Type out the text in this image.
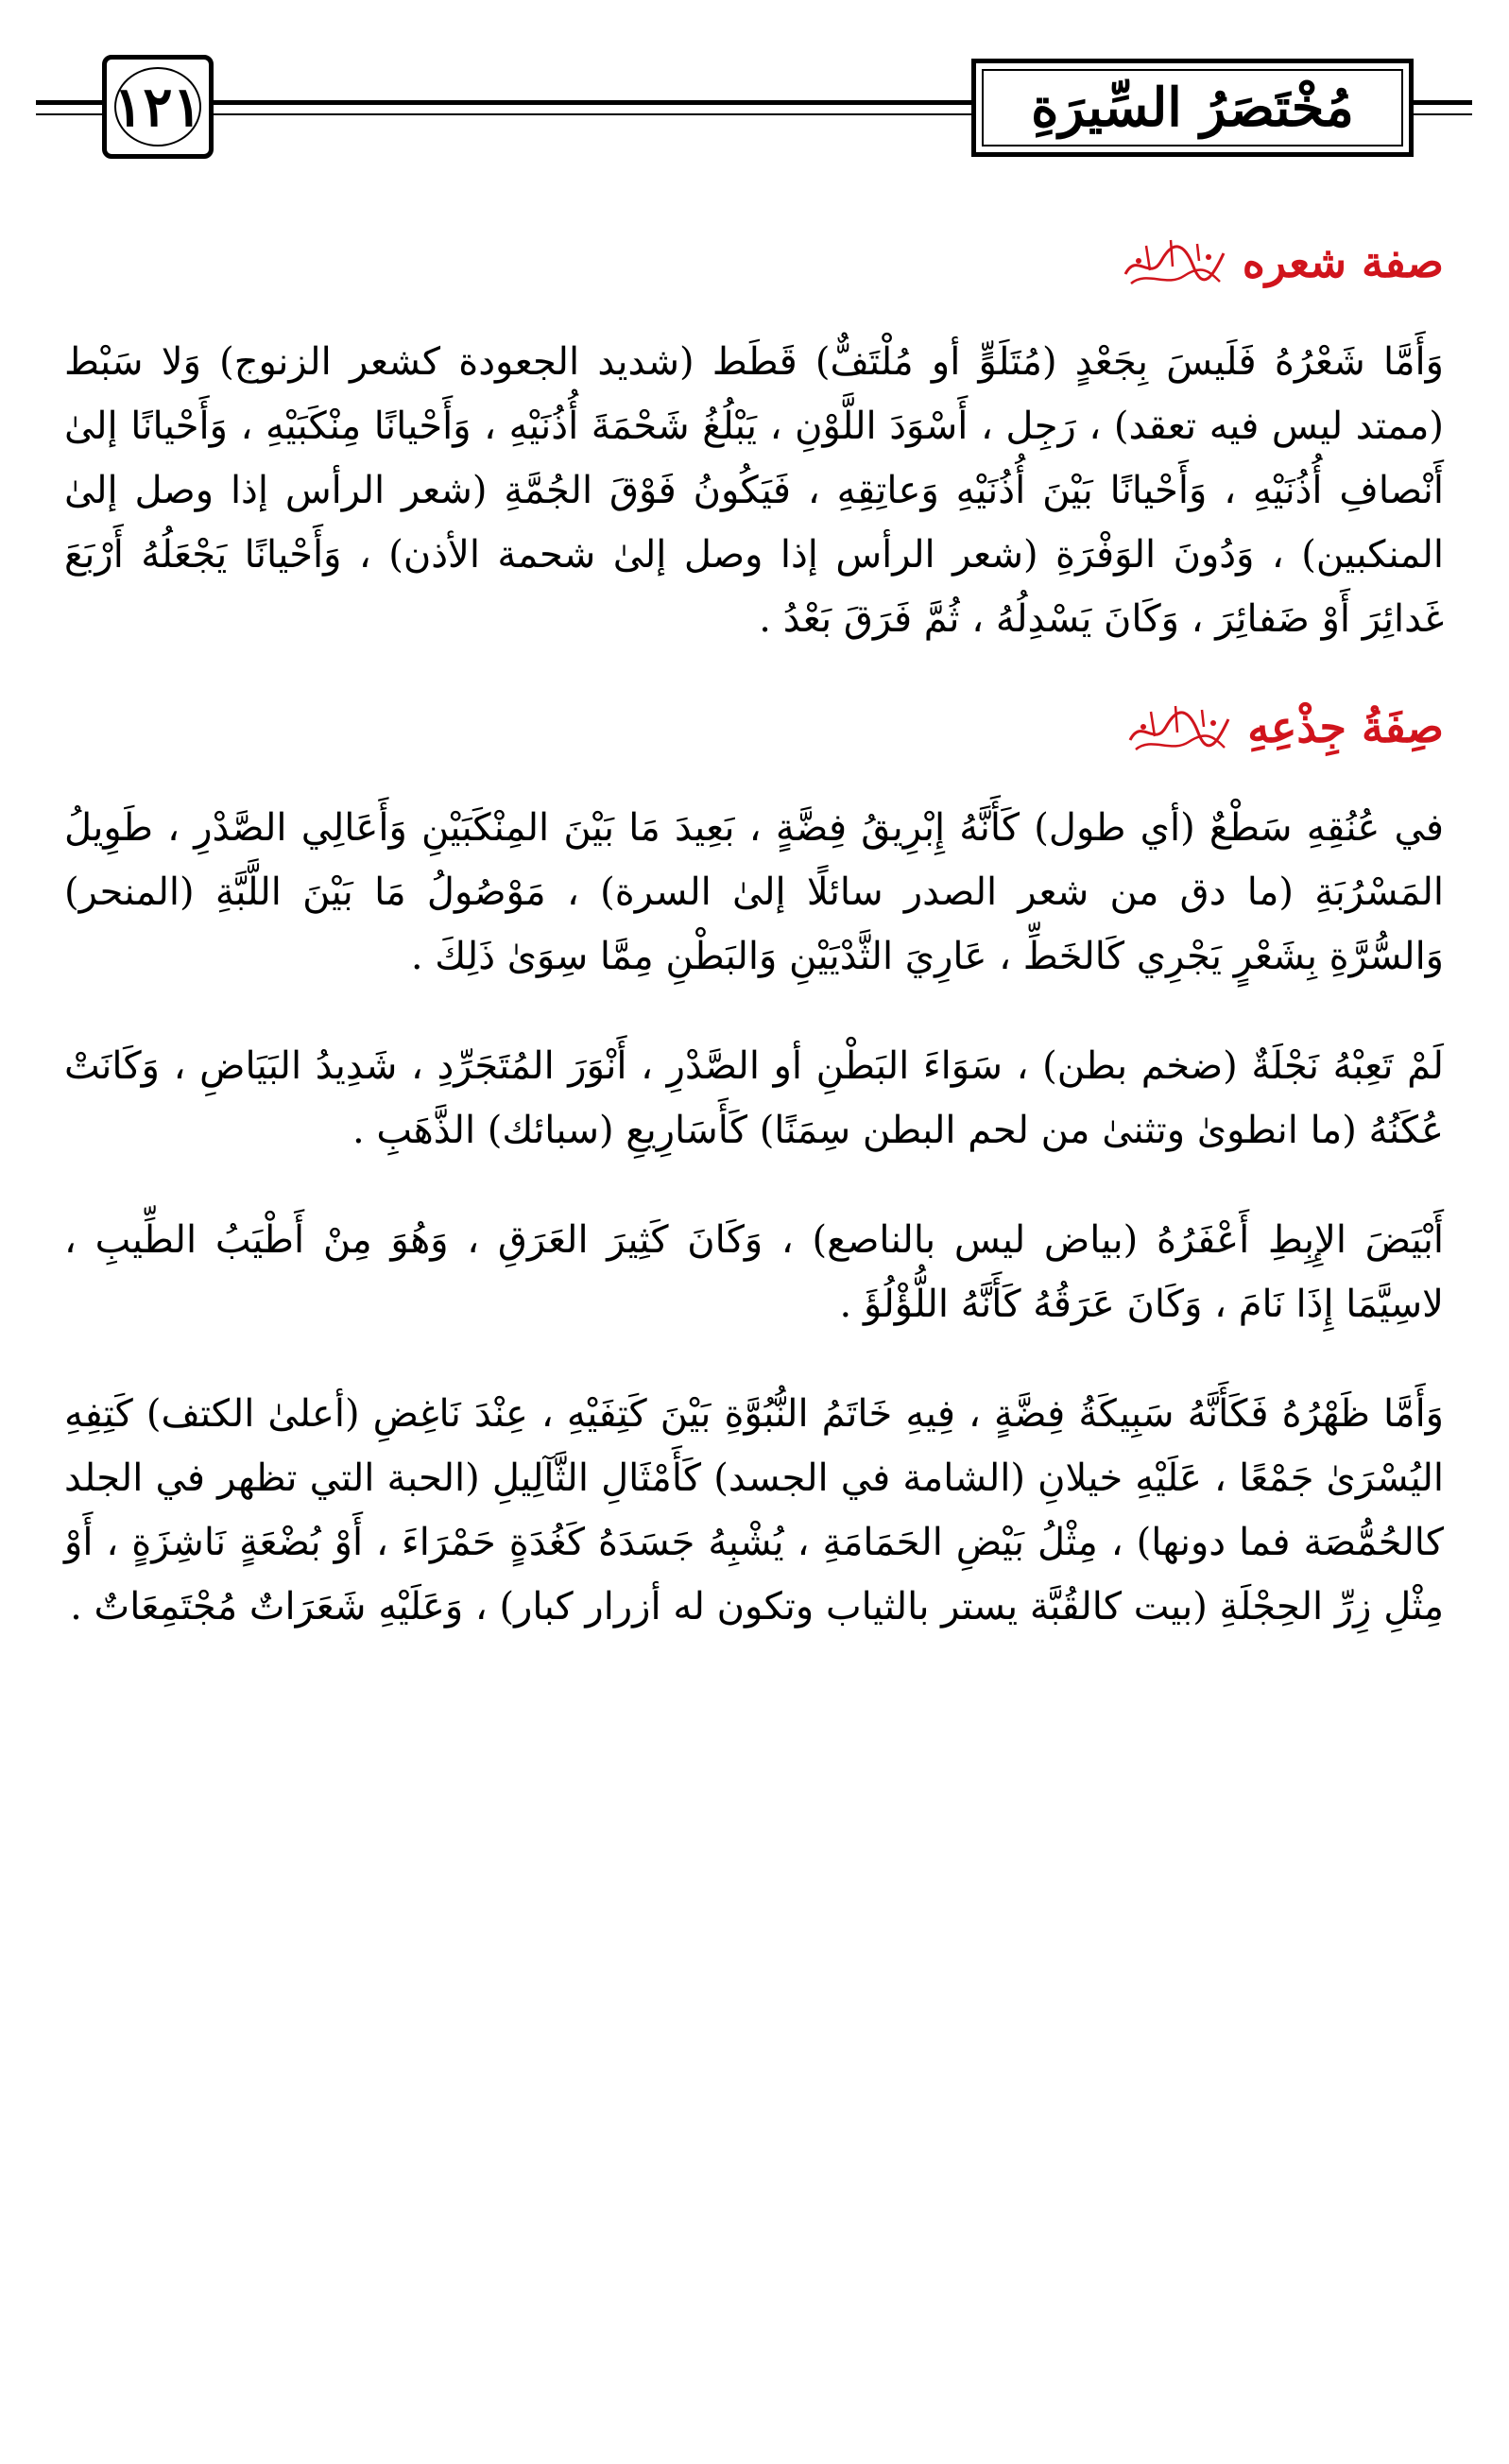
١٢١	مُخْتَصَرُ السِّيرَةِ
صفة شعره

وَأَمَّا شَعْرُهُ فَلَيسَ بِجَعْدٍ (مُتَلَوٍّ أو مُلْتَفٌّ) قَطَط (شديد الجعودة كشعر الزنوج) وَلا سَبْط (ممتد ليس فيه تعقد) ، رَجِل ، أَسْوَدَ اللَّوْنِ ، يَبْلُغُ شَحْمَةَ أُذُنَيْهِ ، وَأَحْيانًا مِنْكَبَيْهِ ، وَأَحْيانًا إلىٰ أَنْصافِ أُذُنَيْهِ ، وَأَحْيانًا بَيْنَ أُذُنَيْهِ وَعاتِقِهِ ، فَيَكُونُ فَوْقَ الجُمَّةِ (شعر الرأس إذا وصل إلىٰ المنكبين) ، وَدُونَ الوَفْرَةِ (شعر الرأس إذا وصل إلىٰ شحمة الأذن) ، وَأَحْيانًا يَجْعَلُهُ أَرْبَعَ غَدائِرَ أَوْ ضَفائِرَ ، وَكَانَ يَسْدِلُهُ ، ثُمَّ فَرَقَ بَعْدُ .

صِفَةُ جِذْعِهِ

في عُنُقِهِ سَطْعٌ (أي طول) كَأَنَّهُ إِبْرِيقُ فِضَّةٍ ، بَعِيدَ مَا بَيْنَ المِنْكَبَيْنِ وَأَعَالِي الصَّدْرِ ، طَوِيلُ المَسْرُبَةِ (ما دق من شعر الصدر سائلًا إلىٰ السرة) ، مَوْصُولُ مَا بَيْنَ اللَّبَّةِ (المنحر) وَالسُّرَّةِ بِشَعْرٍ يَجْرِي كَالخَطِّ ، عَارِيَ الثَّدْيَيْنِ وَالبَطْنِ مِمَّا سِوَىٰ ذَلِكَ .

لَمْ تَعِبْهُ نَجْلَةٌ (ضخم بطن) ، سَوَاءَ البَطْنِ أو الصَّدْرِ ، أَنْوَرَ المُتَجَرِّدِ ، شَدِيدُ البَيَاضِ ، وَكَانَتْ عُكَنُهُ (ما انطوىٰ وتثنىٰ من لحم البطن سِمَنًا) كَأَسَارِيعِ (سبائك) الذَّهَبِ .

أَبْيَضَ الإِبِطِ أَعْفَرُهُ (بياض ليس بالناصع) ، وَكَانَ كَثِيرَ العَرَقِ ، وَهُوَ مِنْ أَطْيَبُ الطِّيبِ ، لاسِيَّمَا إِذَا نَامَ ، وَكَانَ عَرَقُهُ كَأَنَّهُ اللُّؤْلُؤَ .

وَأَمَّا ظَهْرُهُ فَكَأَنَّهُ سَبِيكَةُ فِضَّةٍ ، فِيهِ خَاتَمُ النُّبُوَّةِ بَيْنَ كَتِفَيْهِ ، عِنْدَ نَاغِضِ (أعلىٰ الكتف) كَتِفِهِ اليُسْرَىٰ جَمْعًا ، عَلَيْهِ خيلانِ (الشامة في الجسد) كَأَمْثَالِ الثَّآلِيلِ (الحبة التي تظهر في الجلد كالحُمُّصَة فما دونها) ، مِثْلُ بَيْضِ الحَمَامَةِ ، يُشْبِهُ جَسَدَهُ كَغُدَةٍ حَمْرَاءَ ، أَوْ بُضْعَةٍ نَاشِزَةٍ ، أَوْ مِثْلِ زِرِّ الحِجْلَةِ (بيت كالقُبَّة يستر بالثياب وتكون له أزرار كبار) ، وَعَلَيْهِ شَعَرَاتٌ مُجْتَمِعَاتٌ .
